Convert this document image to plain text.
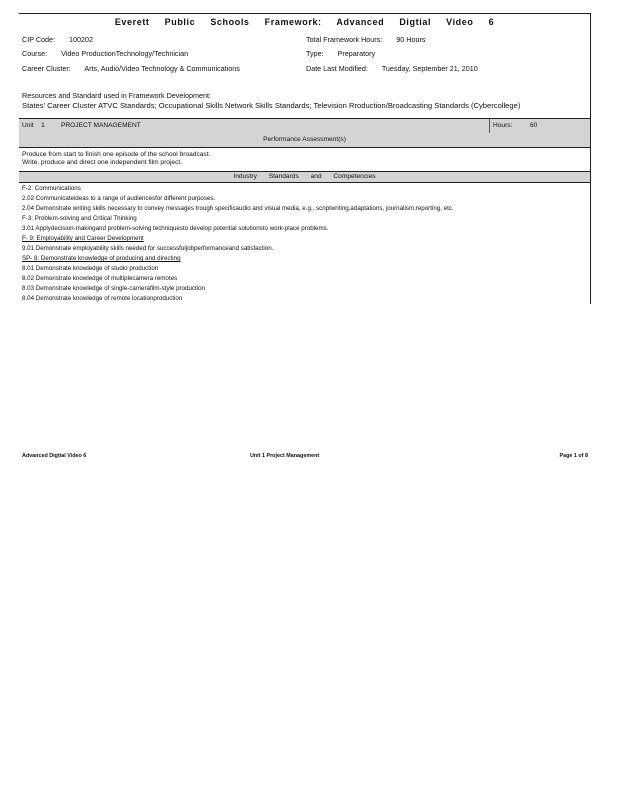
Everett Public Schools Framework: Advanced Digtial Video 6
CIP Code: 100202	Total Framework Hours: 90 Hours
Course: Video ProductionTechnology/Technician	Type: Preparatory
Career Cluster: Arts, Audio/Video Technology & Communications	Date Last Modified: Tuesday, September 21, 2010
Resources and Standard used in Framework Development:
States' Career Cluster ATVC Standards; Occupational Skills Network Skills Standards; Television Rroduction/Broadcasting Standards (Cybercollege)
Unit 1 PROJECT MANAGEMENT	Hours:	60
Performance Assessment(s)
Produce from start to finish one episode of the school broadcast.
Write, produce and direct one independent film project.
Industry Standards and Competencies
F-2: Communications
2.02 Communicateideas to a range of audiencesfor different purposes.
2.04 Demonstrate writing skills necessary to convey messages trough specificaudio and visual media, e.g., scriptwriting,adaptations, journalism,reporting, etc.
F-3: Problem-solving and Critical Thinking
3.01 Applydecision-makingand problem-solving techniquesto develop potential solutionsto work-place problems.
F- 9: Employability and Career Development
9.01 Demonstrate employability skills needed for successfuljobperformanceand satisfaction.
SP- 8: Demonstrate knowledge of producing and directing
8.01 Demonstrate knowledge of studio production
8.02 Demonstrate knowledge of multiplecamera remotes
8.03 Demonstrate knowledge of single-camerafilm-style production
8.04 Demonstrate knowledge of remote locationproduction
Advanced Digtial Video 6	Unit 1 Project Management	Page 1 of 8
